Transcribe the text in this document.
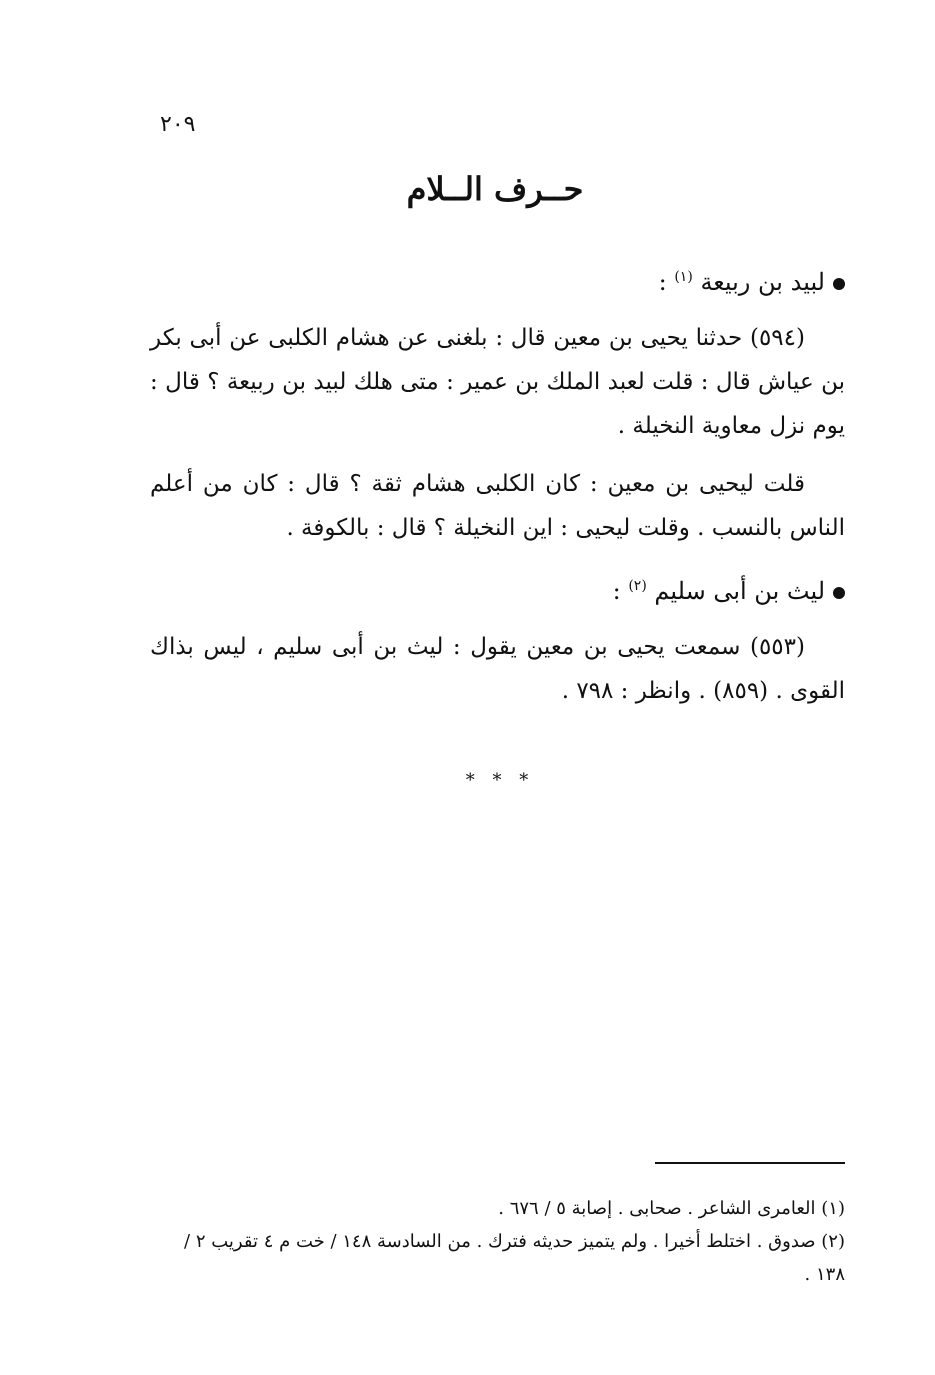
٢٠٩
حــرف الــلام

لبيد بن ربيعة $^{(١)}$ :

(٥٩٤) حدثنا يحيى بن معين قال : بلغنى عن هشام الكلبى عن أبى بكر بن عياش قال : قلت لعبد الملك بن عمير : متى هلك لبيد بن ربيعة ؟ قال : يوم نزل معاوية النخيلة .

قلت ليحيى بن معين : كان الكلبى هشام ثقة ؟ قال : كان من أعلم الناس بالنسب . وقلت ليحيى : اين النخيلة ؟ قال : بالكوفة .

ليث بن أبى سليم $^{(٢)}$ :

(٥٥٣) سمعت يحيى بن معين يقول : ليث بن أبى سليم ، ليس بذاك القوى . (٨٥٩) . وانظر : ٧٩٨ .

* * *

(١) العامرى الشاعر . صحابى . إصابة ٥ / ٦٧٦ .

(٢) صدوق . اختلط أخيرا . ولم يتميز حديثه فترك . من السادسة ١٤٨ / خت م ٤ تقريب ٢ / ١٣٨ .
